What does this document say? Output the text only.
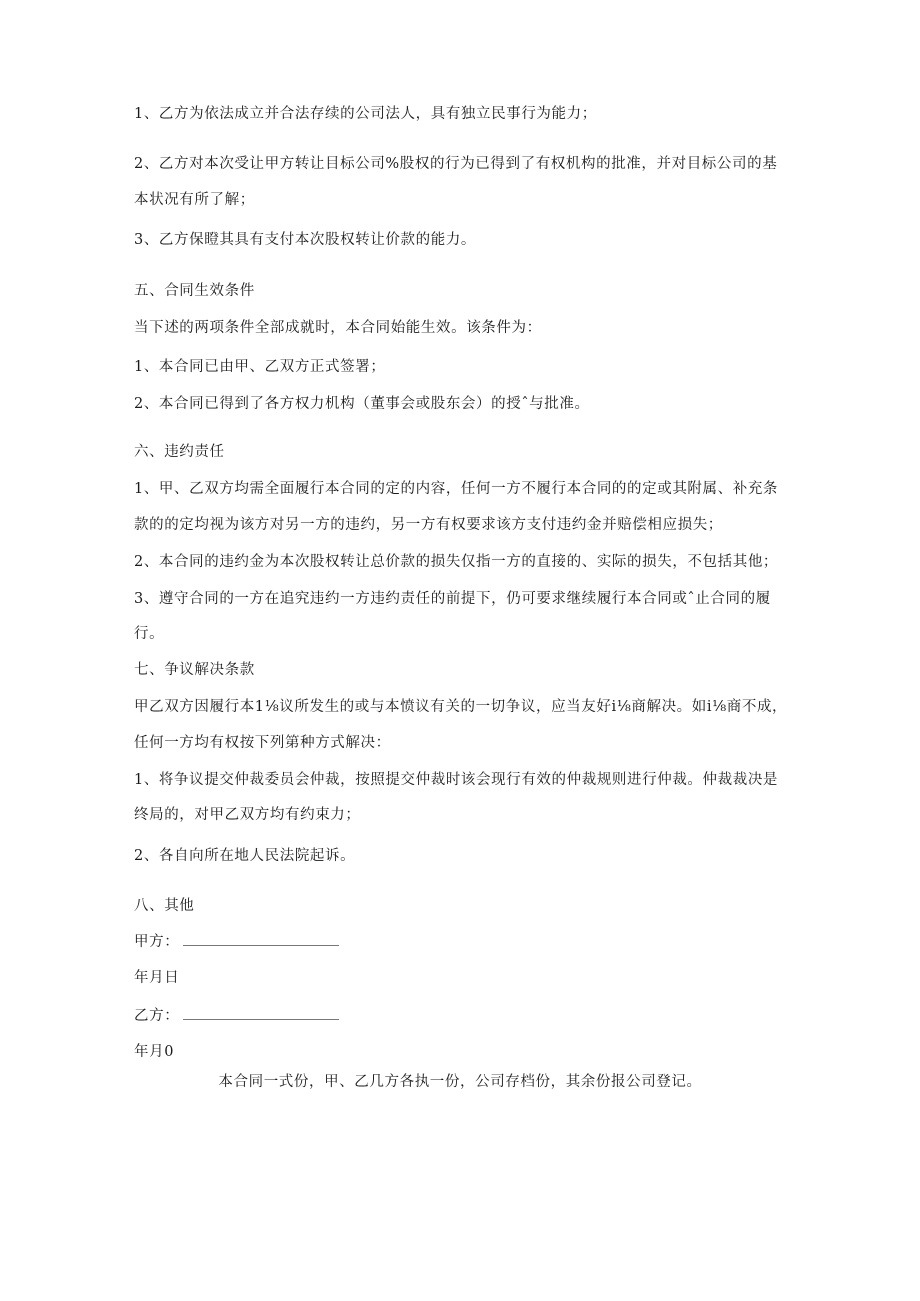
1、乙方为依法成立并合法存续的公司法人，具有独立民事行为能力；
2、乙方对本次受让甲方转让目标公司%股权的行为已得到了有权机构的批准，并对目标公司的基
本状况有所了解；
3、乙方保瞪其具有支付本次股权转让价款的能力。
五、合同生效条件
当下述的两项条件全部成就时，本合同始能生效。该条件为：
1、本合同已由甲、乙双方正式签署；
2、本合同已得到了各方权力机构（董事会或股东会）的授ˆ与批准。
六、违约责任
1、甲、乙双方均需全面履行本合同的定的内容，任何一方不履行本合同的的定或其附属、补充条
款的的定均视为该方对另一方的违约，另一方有权要求该方支付违约金并赔偿相应损失；
2、本合同的违约金为本次股权转让总价款的损失仅指一方的直接的、实际的损失，不包括其他；
3、遵守合同的一方在追究违约一方违约责任的前提下，仍可要求继续履行本合同或ˆ止合同的履
行。
七、争议解决条款
甲乙双方因履行本1⅛议所发生的或与本愤议有关的一切争议，应当友好i⅛商解决。如i⅛商不成，
任何一方均有权按下列第种方式解决：
1、将争议提交仲裁委员会仲裁，按照提交仲裁时该会现行有效的仲裁规则进行仲裁。仲裁裁决是
终局的，对甲乙双方均有约束力；
2、各自向所在地人民法院起诉。
八、其他
甲方：
年月日
乙方：
年月0
本合同一式份，甲、乙几方各执一份，公司存档份，其余份报公司登记。
